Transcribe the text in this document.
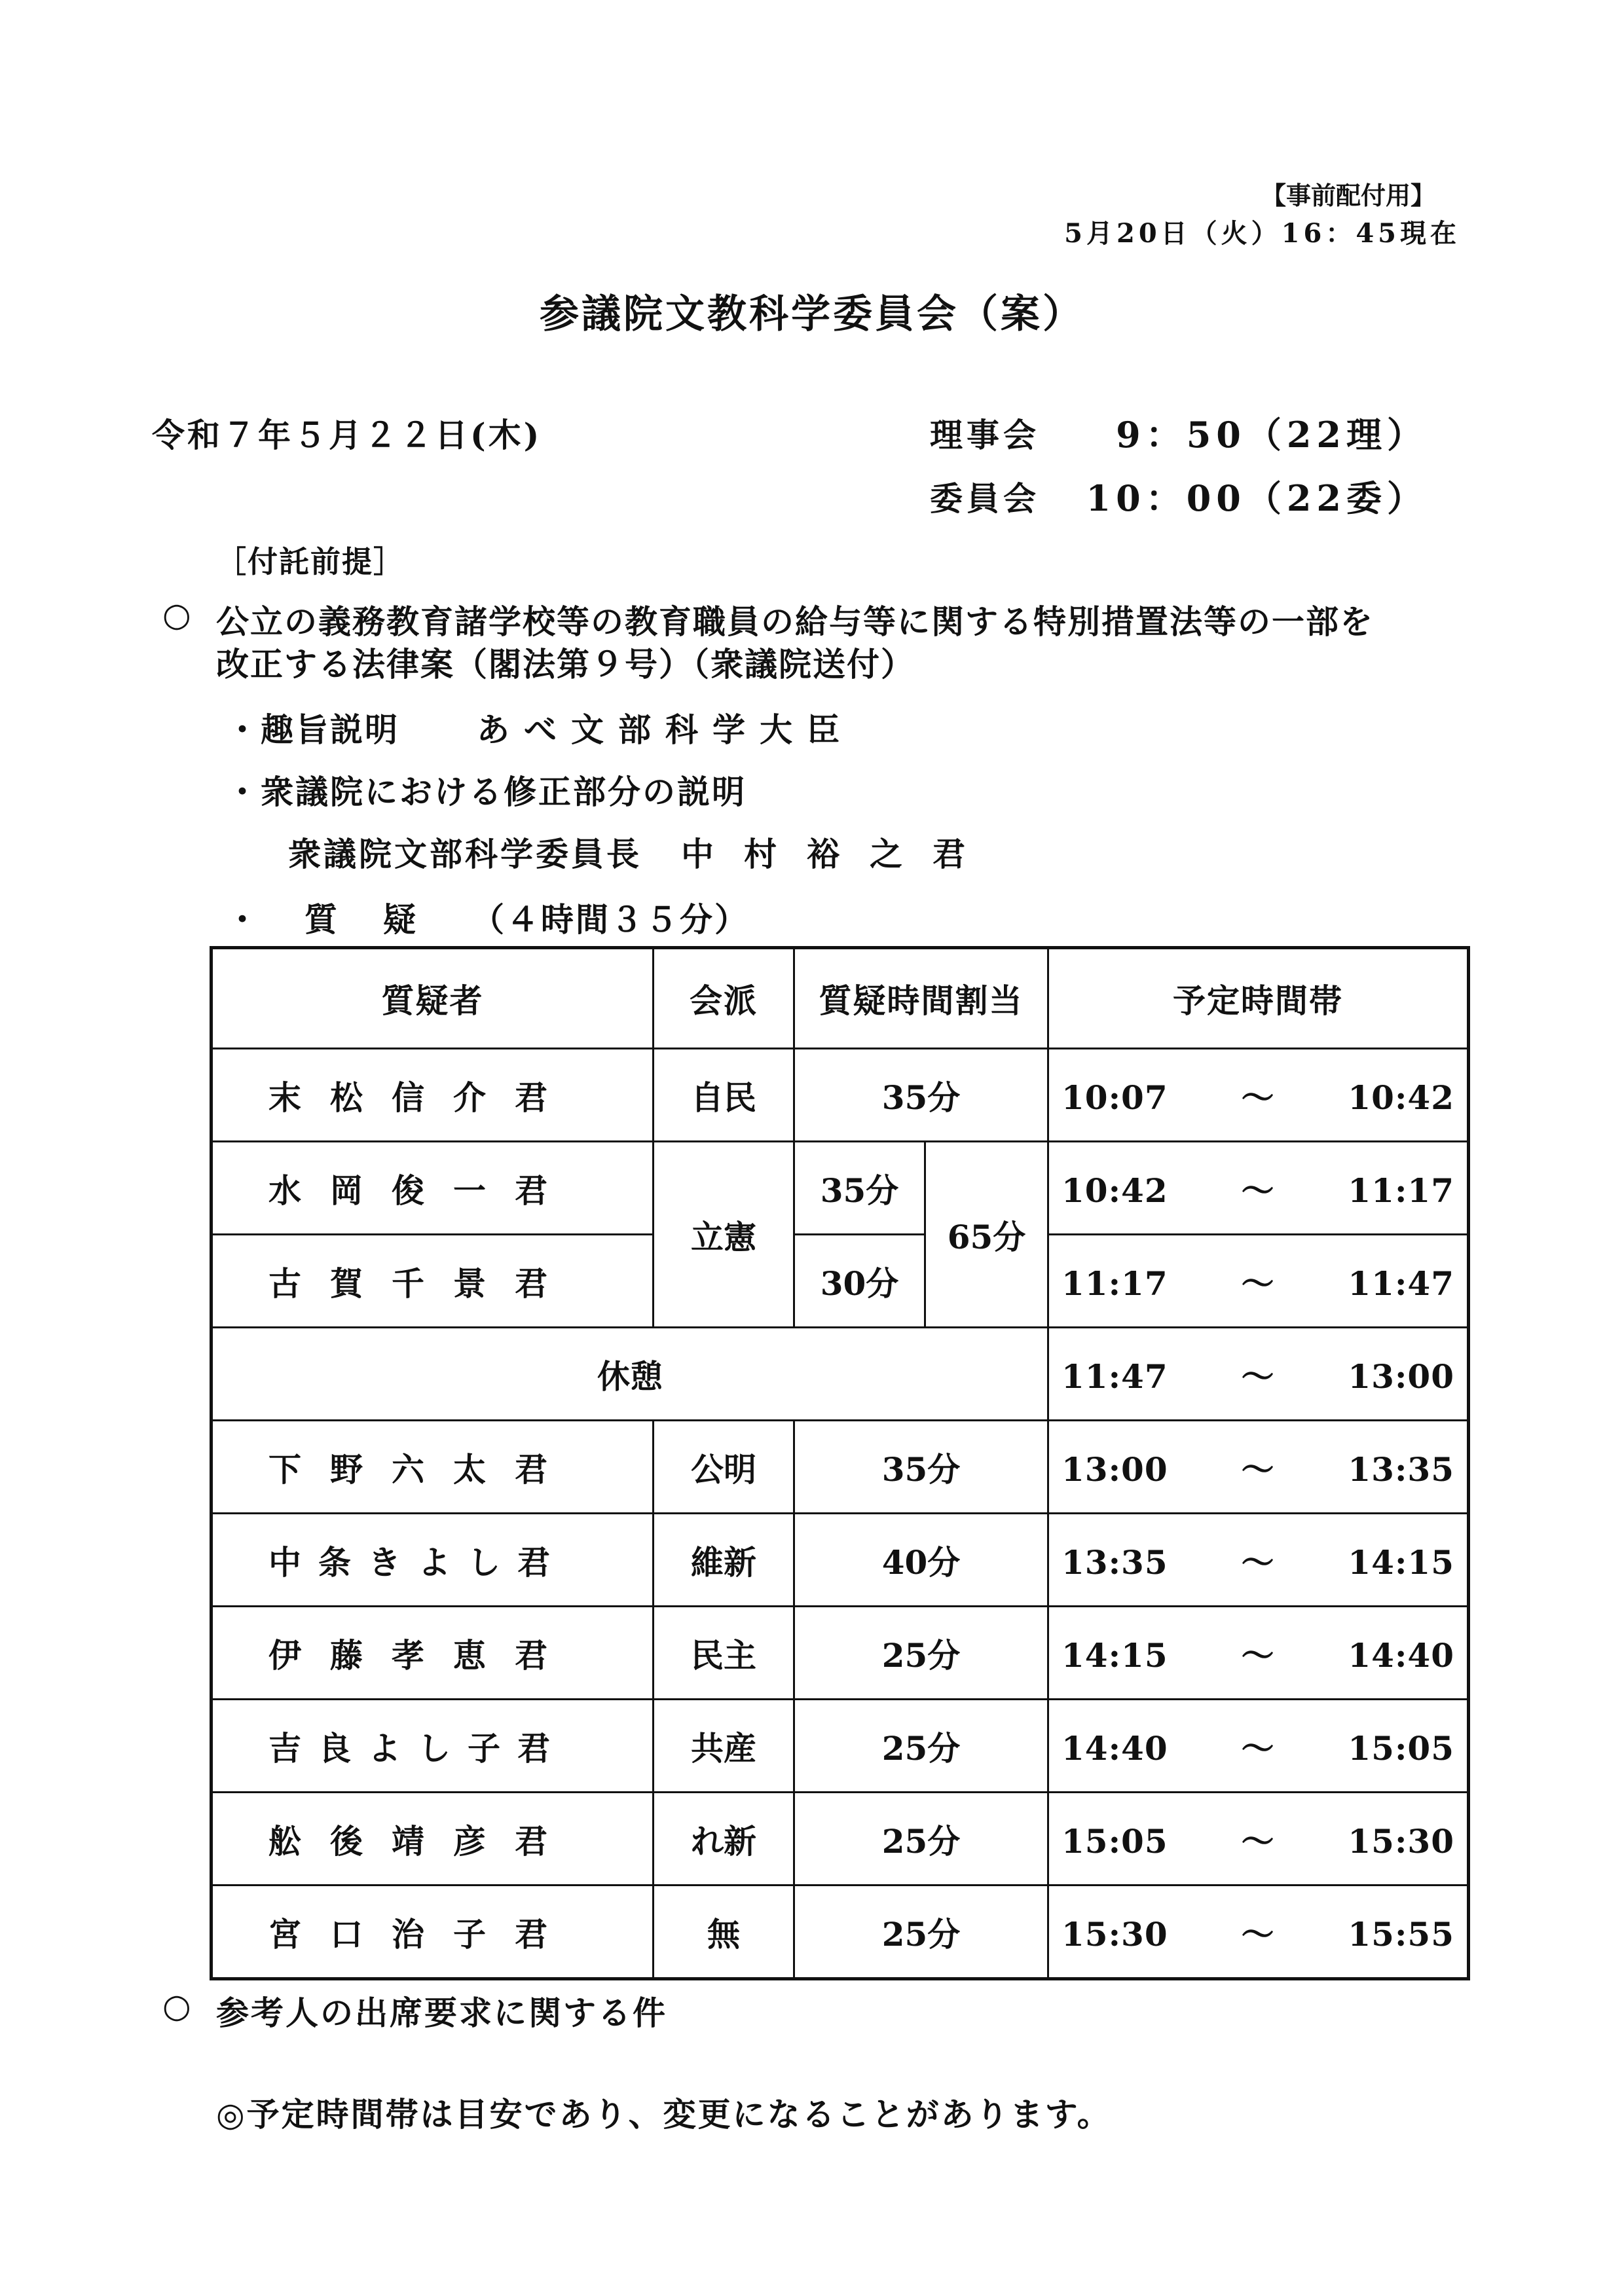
【事前配付用】
5月20日（火）16：45現在
参議院文教科学委員会（案）
令和７年５月２２日(木)	理事会 9：50（22理）
委員会 10：00（22委）
［付託前提］
○ 公立の義務教育諸学校等の教育職員の給与等に関する特別措置法等の一部を
改正する法律案（閣法第９号）（衆議院送付）
・趣旨説明 あべ文部科学大臣
・衆議院における修正部分の説明
衆議院文部科学委員長 中村裕之君
・質疑 （４時間３５分）
質疑者	会派	質疑時間割当		予定時間帯
末松信介君	自民	35分		10:07 ～ 10:42
水岡俊一君	立憲	35分	65分	10:42 ～ 11:17
古賀千景君		30分		11:17 ～ 11:47
休憩				11:47 ～ 13:00
下野六太君	公明	35分		13:00 ～ 13:35
中条きよし君	維新	40分		13:35 ～ 14:15
伊藤孝恵君	民主	25分		14:15 ～ 14:40
吉良よし子君	共産	25分		14:40 ～ 15:05
舩後靖彦君	れ新	25分		15:05 ～ 15:30
宮口治子君	無	25分		15:30 ～ 15:55
○ 参考人の出席要求に関する件
◎予定時間帯は目安であり、変更になることがあります。
